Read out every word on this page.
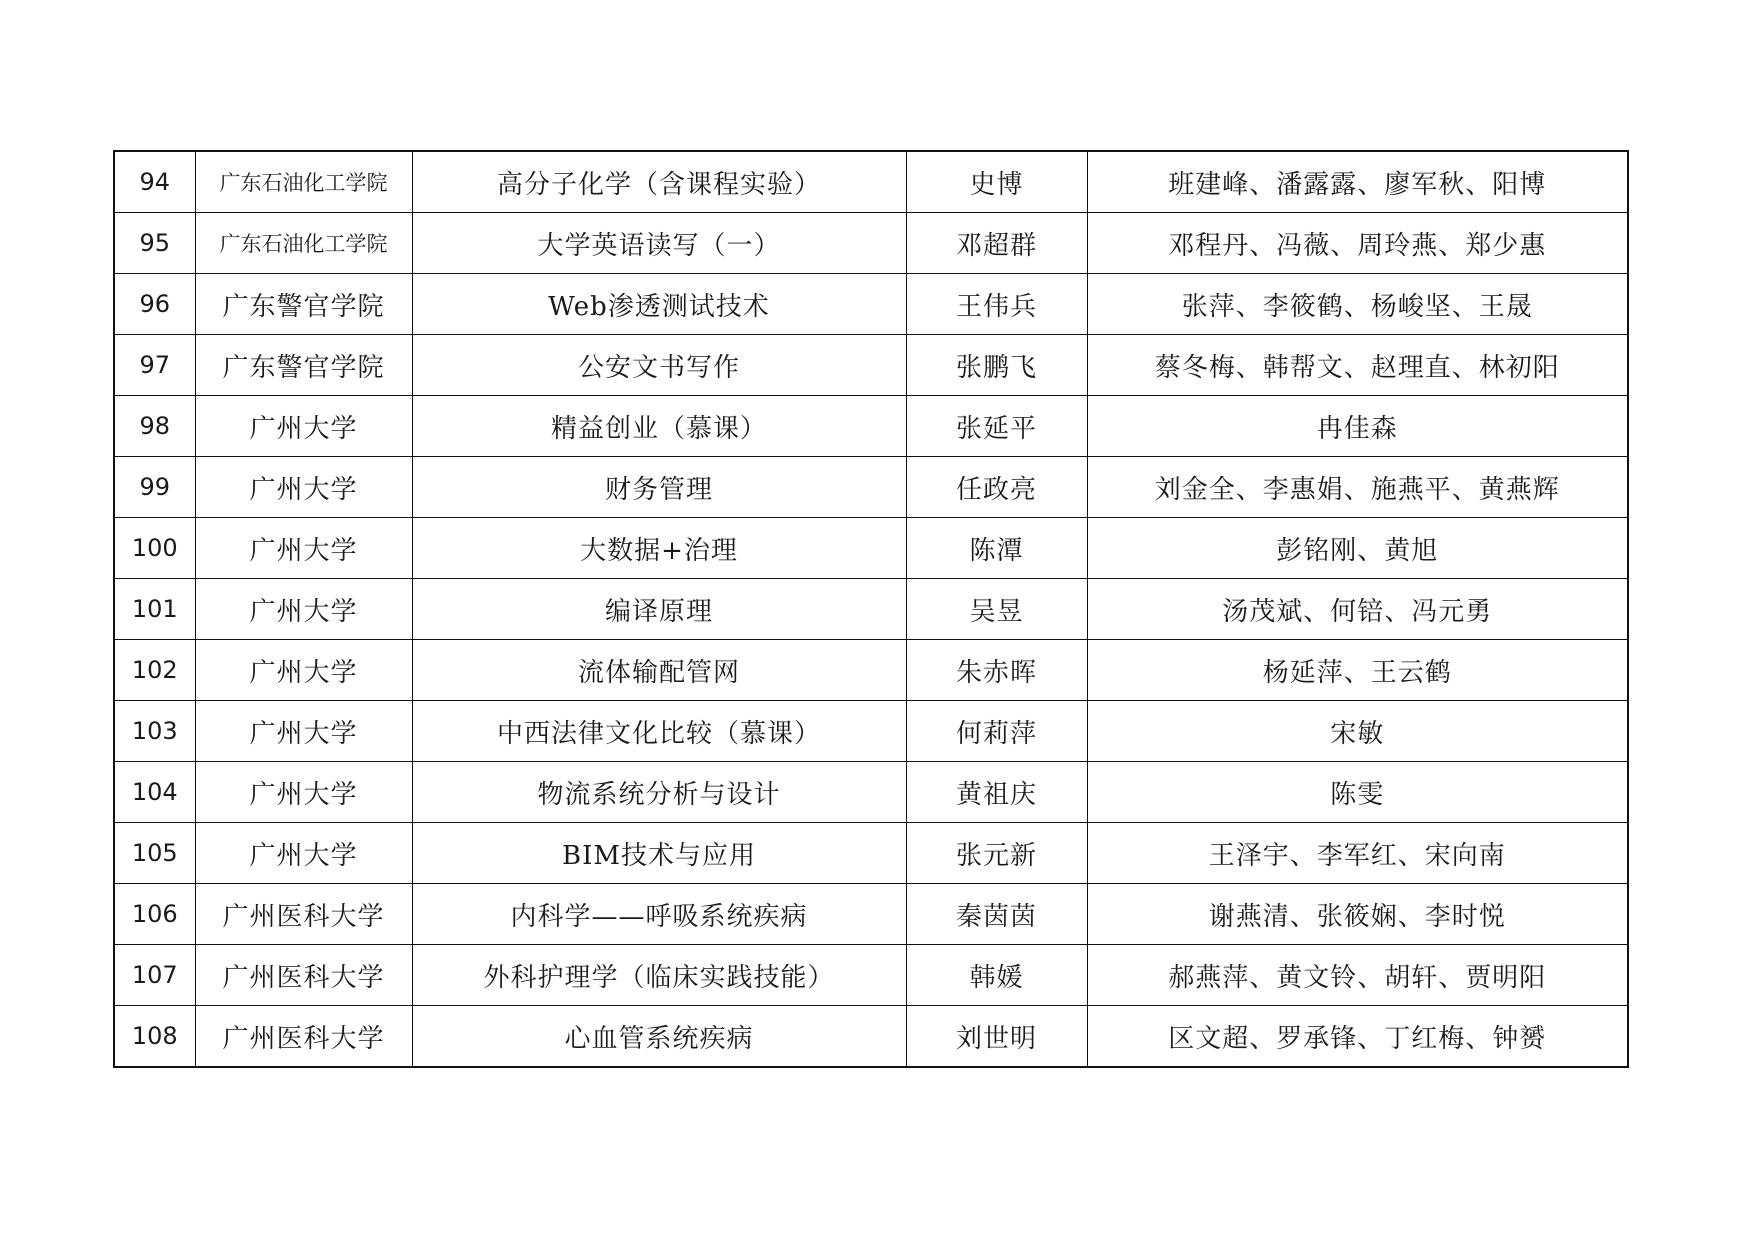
94	广东石油化工学院	高分子化学（含课程实验）	史博	班建峰、潘露露、廖军秋、阳博
95	广东石油化工学院	大学英语读写（一）	邓超群	邓程丹、冯薇、周玲燕、郑少惠
96	广东警官学院	Web渗透测试技术	王伟兵	张萍、李筱鹤、杨峻坚、王晟
97	广东警官学院	公安文书写作	张鹏飞	蔡冬梅、韩帮文、赵理直、林初阳
98	广州大学	精益创业（慕课）	张延平	冉佳森
99	广州大学	财务管理	任政亮	刘金全、李惠娟、施燕平、黄燕辉
100	广州大学	大数据+治理	陈潭	彭铭刚、黄旭
101	广州大学	编译原理	吴昱	汤茂斌、何锫、冯元勇
102	广州大学	流体输配管网	朱赤晖	杨延萍、王云鹤
103	广州大学	中西法律文化比较（慕课）	何莉萍	宋敏
104	广州大学	物流系统分析与设计	黄祖庆	陈雯
105	广州大学	BIM技术与应用	张元新	王泽宇、李军红、宋向南
106	广州医科大学	内科学——呼吸系统疾病	秦茵茵	谢燕清、张筱娴、李时悦
107	广州医科大学	外科护理学（临床实践技能）	韩媛	郝燕萍、黄文铃、胡轩、贾明阳
108	广州医科大学	心血管系统疾病	刘世明	区文超、罗承锋、丁红梅、钟赟
